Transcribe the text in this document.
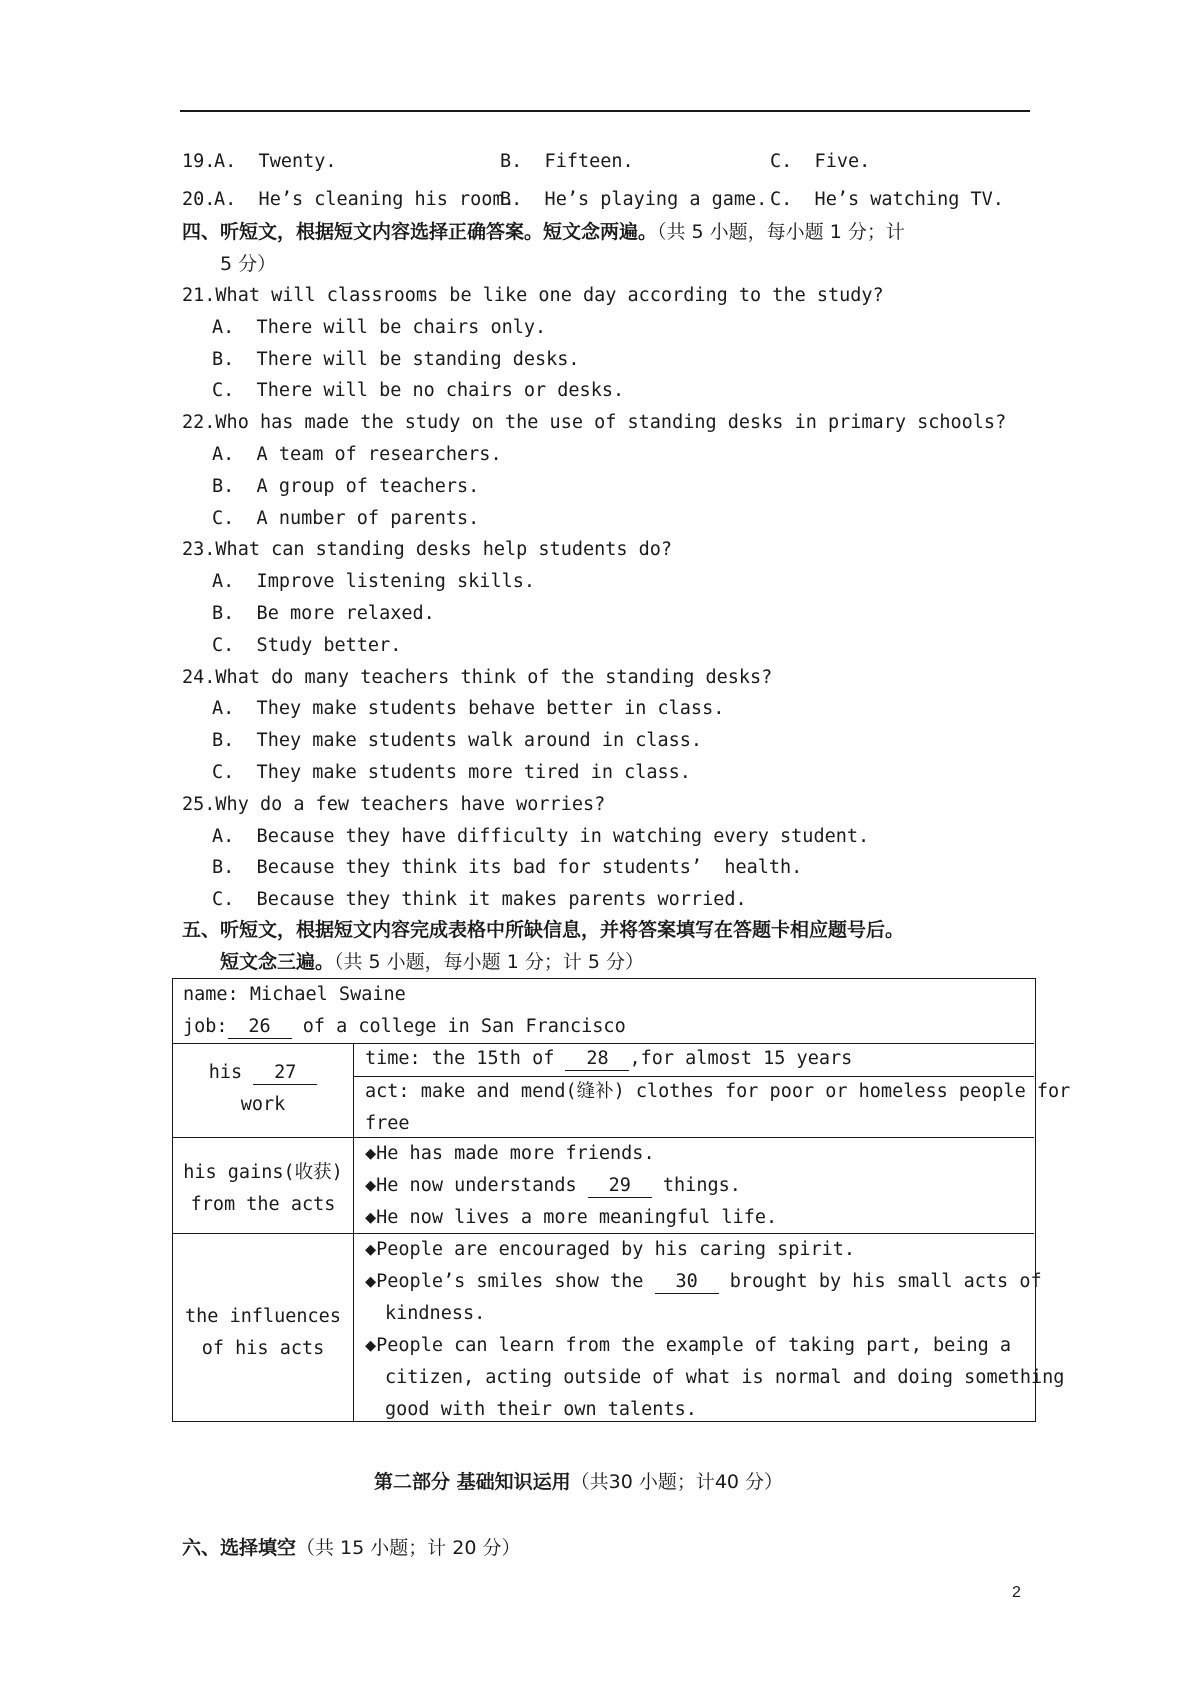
19.
A.  Twenty.	B.  Fifteen.	C.  Five.
20.
A.  He’s cleaning his room.
B.  He’s playing a game. C.  He’s watching TV.
四、听短文，根据短文内容选择正确答案。短文念两遍。（共 5 小题，每小题 1 分；计
5 分）
21.What will classrooms be like one day according to the study?
A.  There will be chairs only.
B.  There will be standing desks.
C.  There will be no chairs or desks.
22.Who has made the study on the use of standing desks in primary schools?
A.  A team of researchers.
B.  A group of teachers.
C.  A number of parents.
23.What can standing desks help students do?
A.  Improve listening skills.
B.  Be more relaxed.
C.  Study better.
24.What do many teachers think of the standing desks?
A.  They make students behave better in class.
B.  They make students walk around in class.
C.  They make students more tired in class.
25.Why do a few teachers have worries?
A.  Because they have difficulty in watching every student.
B.  Because they think its bad for students’  health.
C.  Because they think it makes parents worried.
五、听短文，根据短文内容完成表格中所缺信息，并将答案填写在答题卡相应题号后。
短文念三遍。（共 5 小题，每小题 1 分；计 5 分）
name: Michael Swaine
job: 26 of a college in San Francisco
his 27
work
time: the 15th of 28 ,for almost 15 years
act: make and mend(缝补) clothes for poor or homeless people for
free
his gains(收获)
from the acts
◆He has made more friends.
◆He now understands 29 things.
◆He now lives a more meaningful life.
the influences
of his acts
◆People are encouraged by his caring spirit.
◆People’s smiles show the 30 brought by his small acts of
kindness.
◆People can learn from the example of taking part, being a
citizen, acting outside of what is normal and doing something
good with their own talents.
第二部分 基础知识运用（共30 小题；计40 分）
六、选择填空（共 15 小题；计 20 分）
2
